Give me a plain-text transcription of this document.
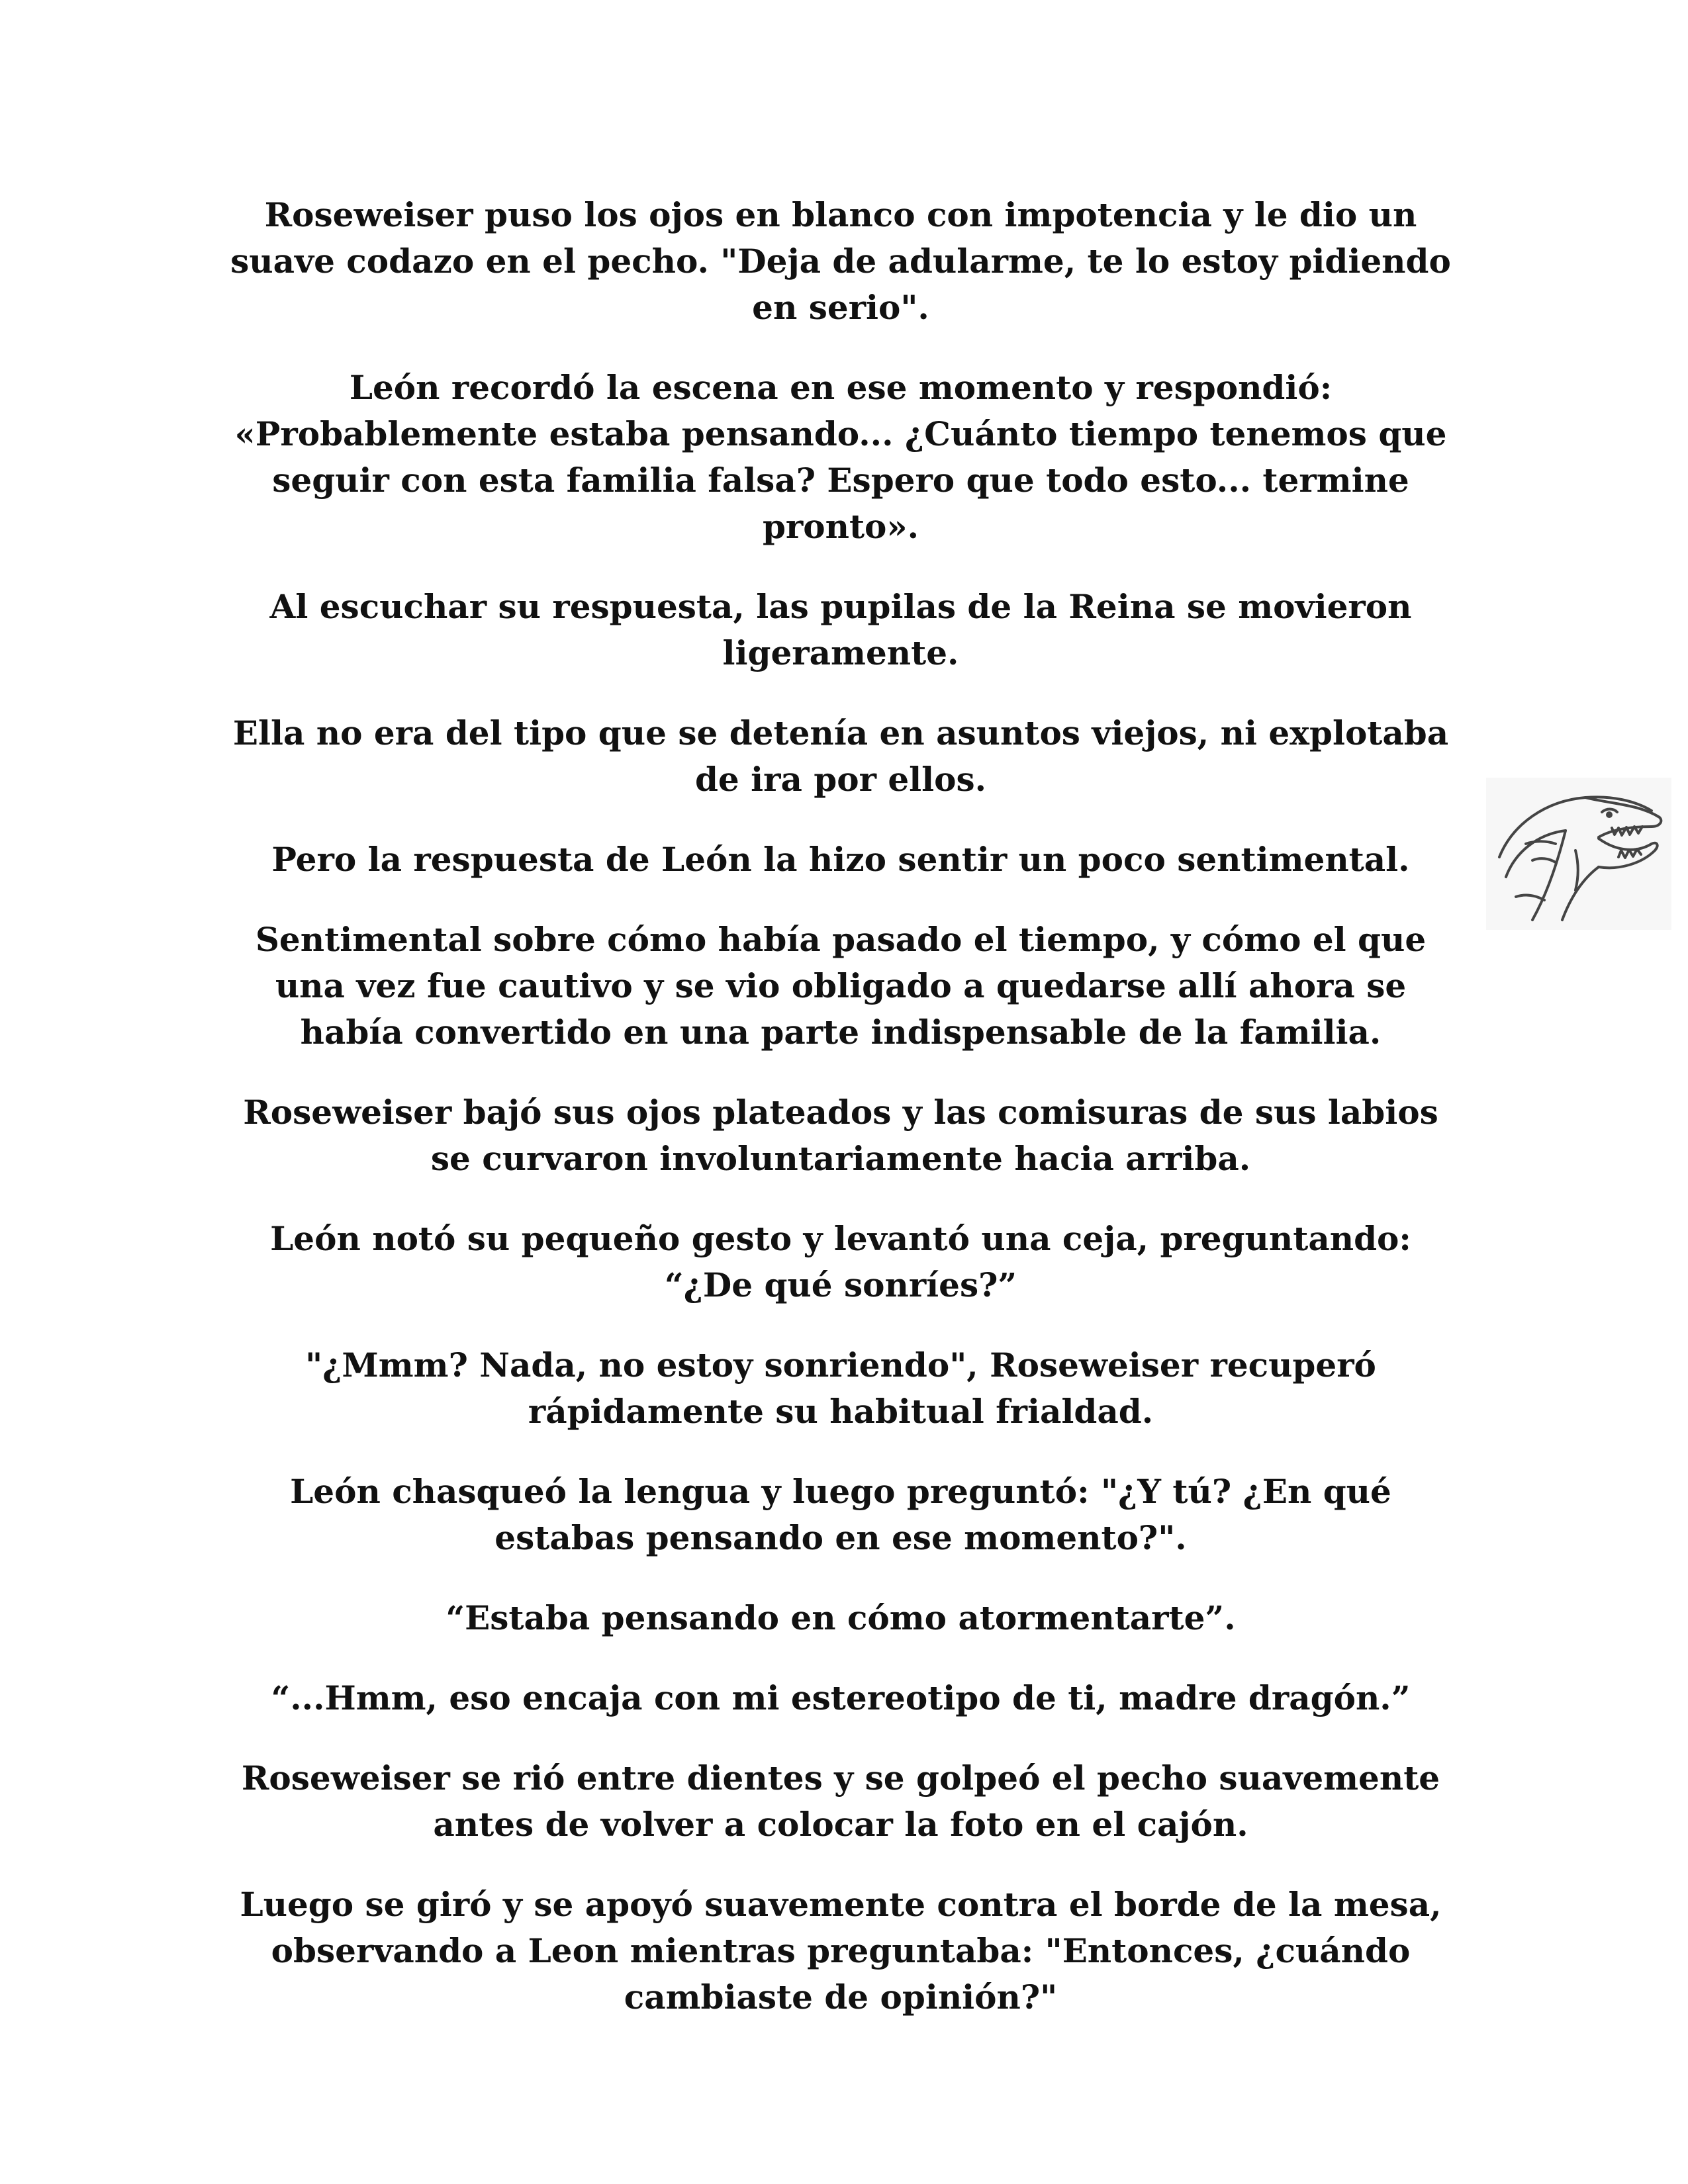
Roseweiser puso los ojos en blanco con impotencia y le dio un suave codazo en el pecho. "Deja de adularme, te lo estoy pidiendo en serio".

León recordó la escena en ese momento y respondió: «Probablemente estaba pensando... ¿Cuánto tiempo tenemos que seguir con esta familia falsa? Espero que todo esto... termine pronto».

Al escuchar su respuesta, las pupilas de la Reina se movieron ligeramente.

Ella no era del tipo que se detenía en asuntos viejos, ni explotaba de ira por ellos.

Pero la respuesta de León la hizo sentir un poco sentimental.

Sentimental sobre cómo había pasado el tiempo, y cómo el que una vez fue cautivo y se vio obligado a quedarse allí ahora se había convertido en una parte indispensable de la familia.

Roseweiser bajó sus ojos plateados y las comisuras de sus labios se curvaron involuntariamente hacia arriba.

León notó su pequeño gesto y levantó una ceja, preguntando: “¿De qué sonríes?”

"¿Mmm? Nada, no estoy sonriendo", Roseweiser recuperó rápidamente su habitual frialdad.

León chasqueó la lengua y luego preguntó: "¿Y tú? ¿En qué estabas pensando en ese momento?".

“Estaba pensando en cómo atormentarte”.

“...Hmm, eso encaja con mi estereotipo de ti, madre dragón.”

Roseweiser se rió entre dientes y se golpeó el pecho suavemente antes de volver a colocar la foto en el cajón.

Luego se giró y se apoyó suavemente contra el borde de la mesa, observando a Leon mientras preguntaba: "Entonces, ¿cuándo cambiaste de opinión?"
